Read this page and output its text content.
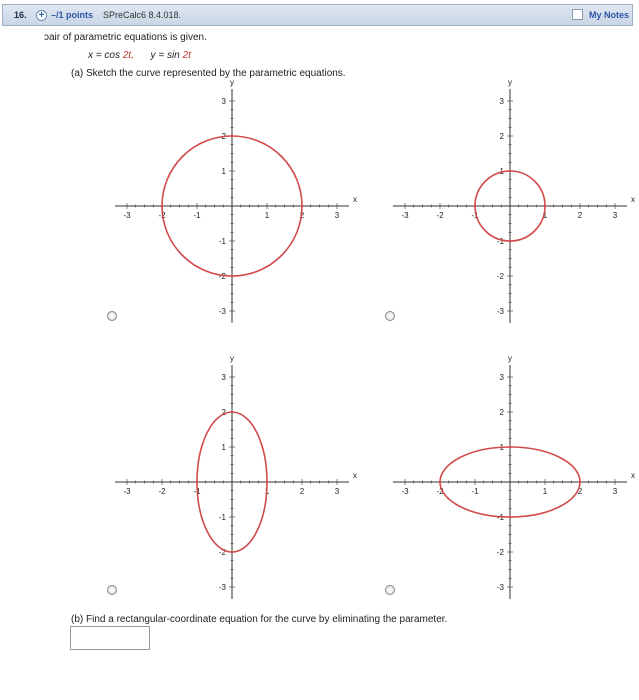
16. + –/1 points SPreCalc6 8.4.018.	My Notes
ɔair of parametric equations is given.
x = cos 2t, y = sin 2t
(a) Sketch the curve represented by the parametric equations.
-3	-2	-1	1	2	3
3
2
1
-1
-2
-3
x
y
-3	-2	-1	1	2	3
3
2
1
-1
-2
-3
x
y
-3	-2	-1	1	2	3
3
2
1
-1
-2
-3
x
y
-3	-2	-1	1	2	3
3
2
1
-1
-2
-3
x
y
(b) Find a rectangular-coordinate equation for the curve by eliminating the parameter.
